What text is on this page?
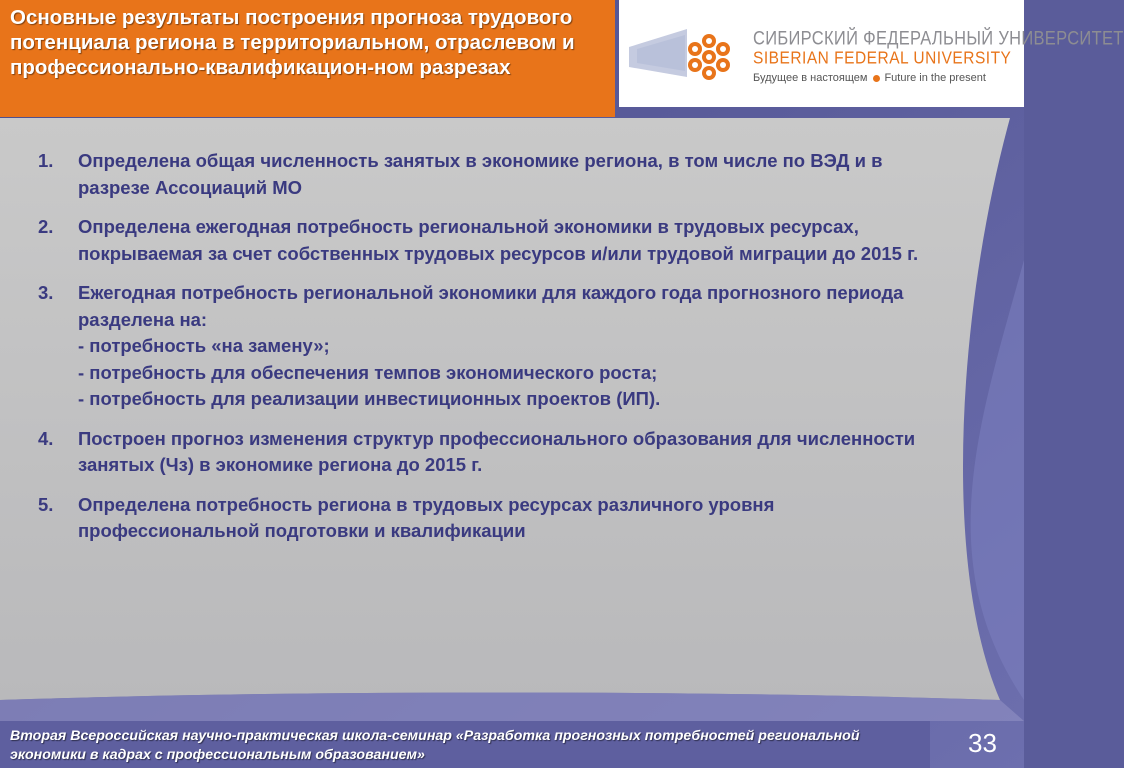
Основные результаты построения прогноза трудового потенциала региона в территориальном, отраслевом и профессионально-квалификацион-ном разрезах
СИБИРСКИЙ ФЕДЕРАЛЬНЫЙ УНИВЕРСИТЕТ
SIBERIAN FEDERAL UNIVERSITY
Будущее в настоящем Future in the present
1. Определена общая численность занятых в экономике региона, в том числе по ВЭД и в разрезе Ассоциаций МО
2. Определена ежегодная потребность региональной экономики в трудовых ресурсах, покрываемая за счет собственных трудовых ресурсов и/или трудовой миграции до 2015 г.
3. Ежегодная потребность региональной экономики для каждого года прогнозного периода разделена на:
- потребность «на замену»;
- потребность для обеспечения темпов экономического роста;
- потребность для реализации инвестиционных проектов (ИП).
4. Построен прогноз изменения структур профессионального образования для численности занятых (Чз) в экономике региона до 2015 г.
5. Определена потребность региона в трудовых ресурсах различного уровня профессиональной подготовки и квалификации
Вторая Всероссийская научно-практическая школа-семинар «Разработка прогнозных потребностей региональной экономики в кадрах с профессиональным образованием»	33
